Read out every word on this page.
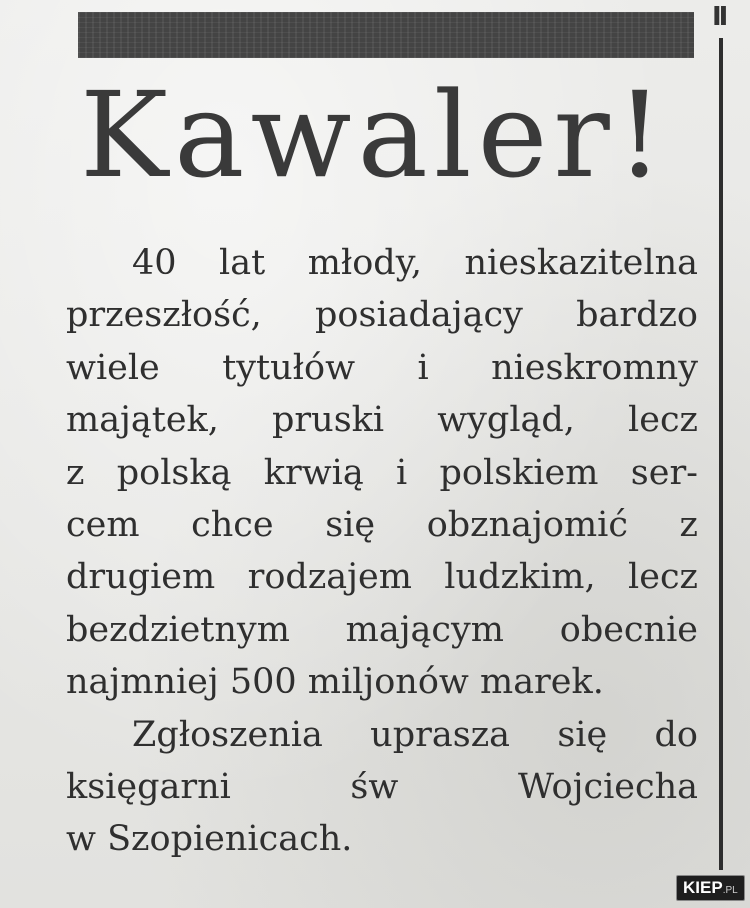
II
Kawaler!
40 lat młody, nieskazitelna
przeszłość, posiadający bardzo
wiele tytułów i nieskromny
majątek, pruski wygląd, lecz
z polską krwią i polskiem ser-
cem chce się obznajomić z
drugiem rodzajem ludzkim, lecz
bezdzietnym mającym obecnie
najmniej 500 miljonów marek.
Zgłoszenia uprasza się do
księgarni św Wojciecha
w Szopienicach.
KIEP.PL
